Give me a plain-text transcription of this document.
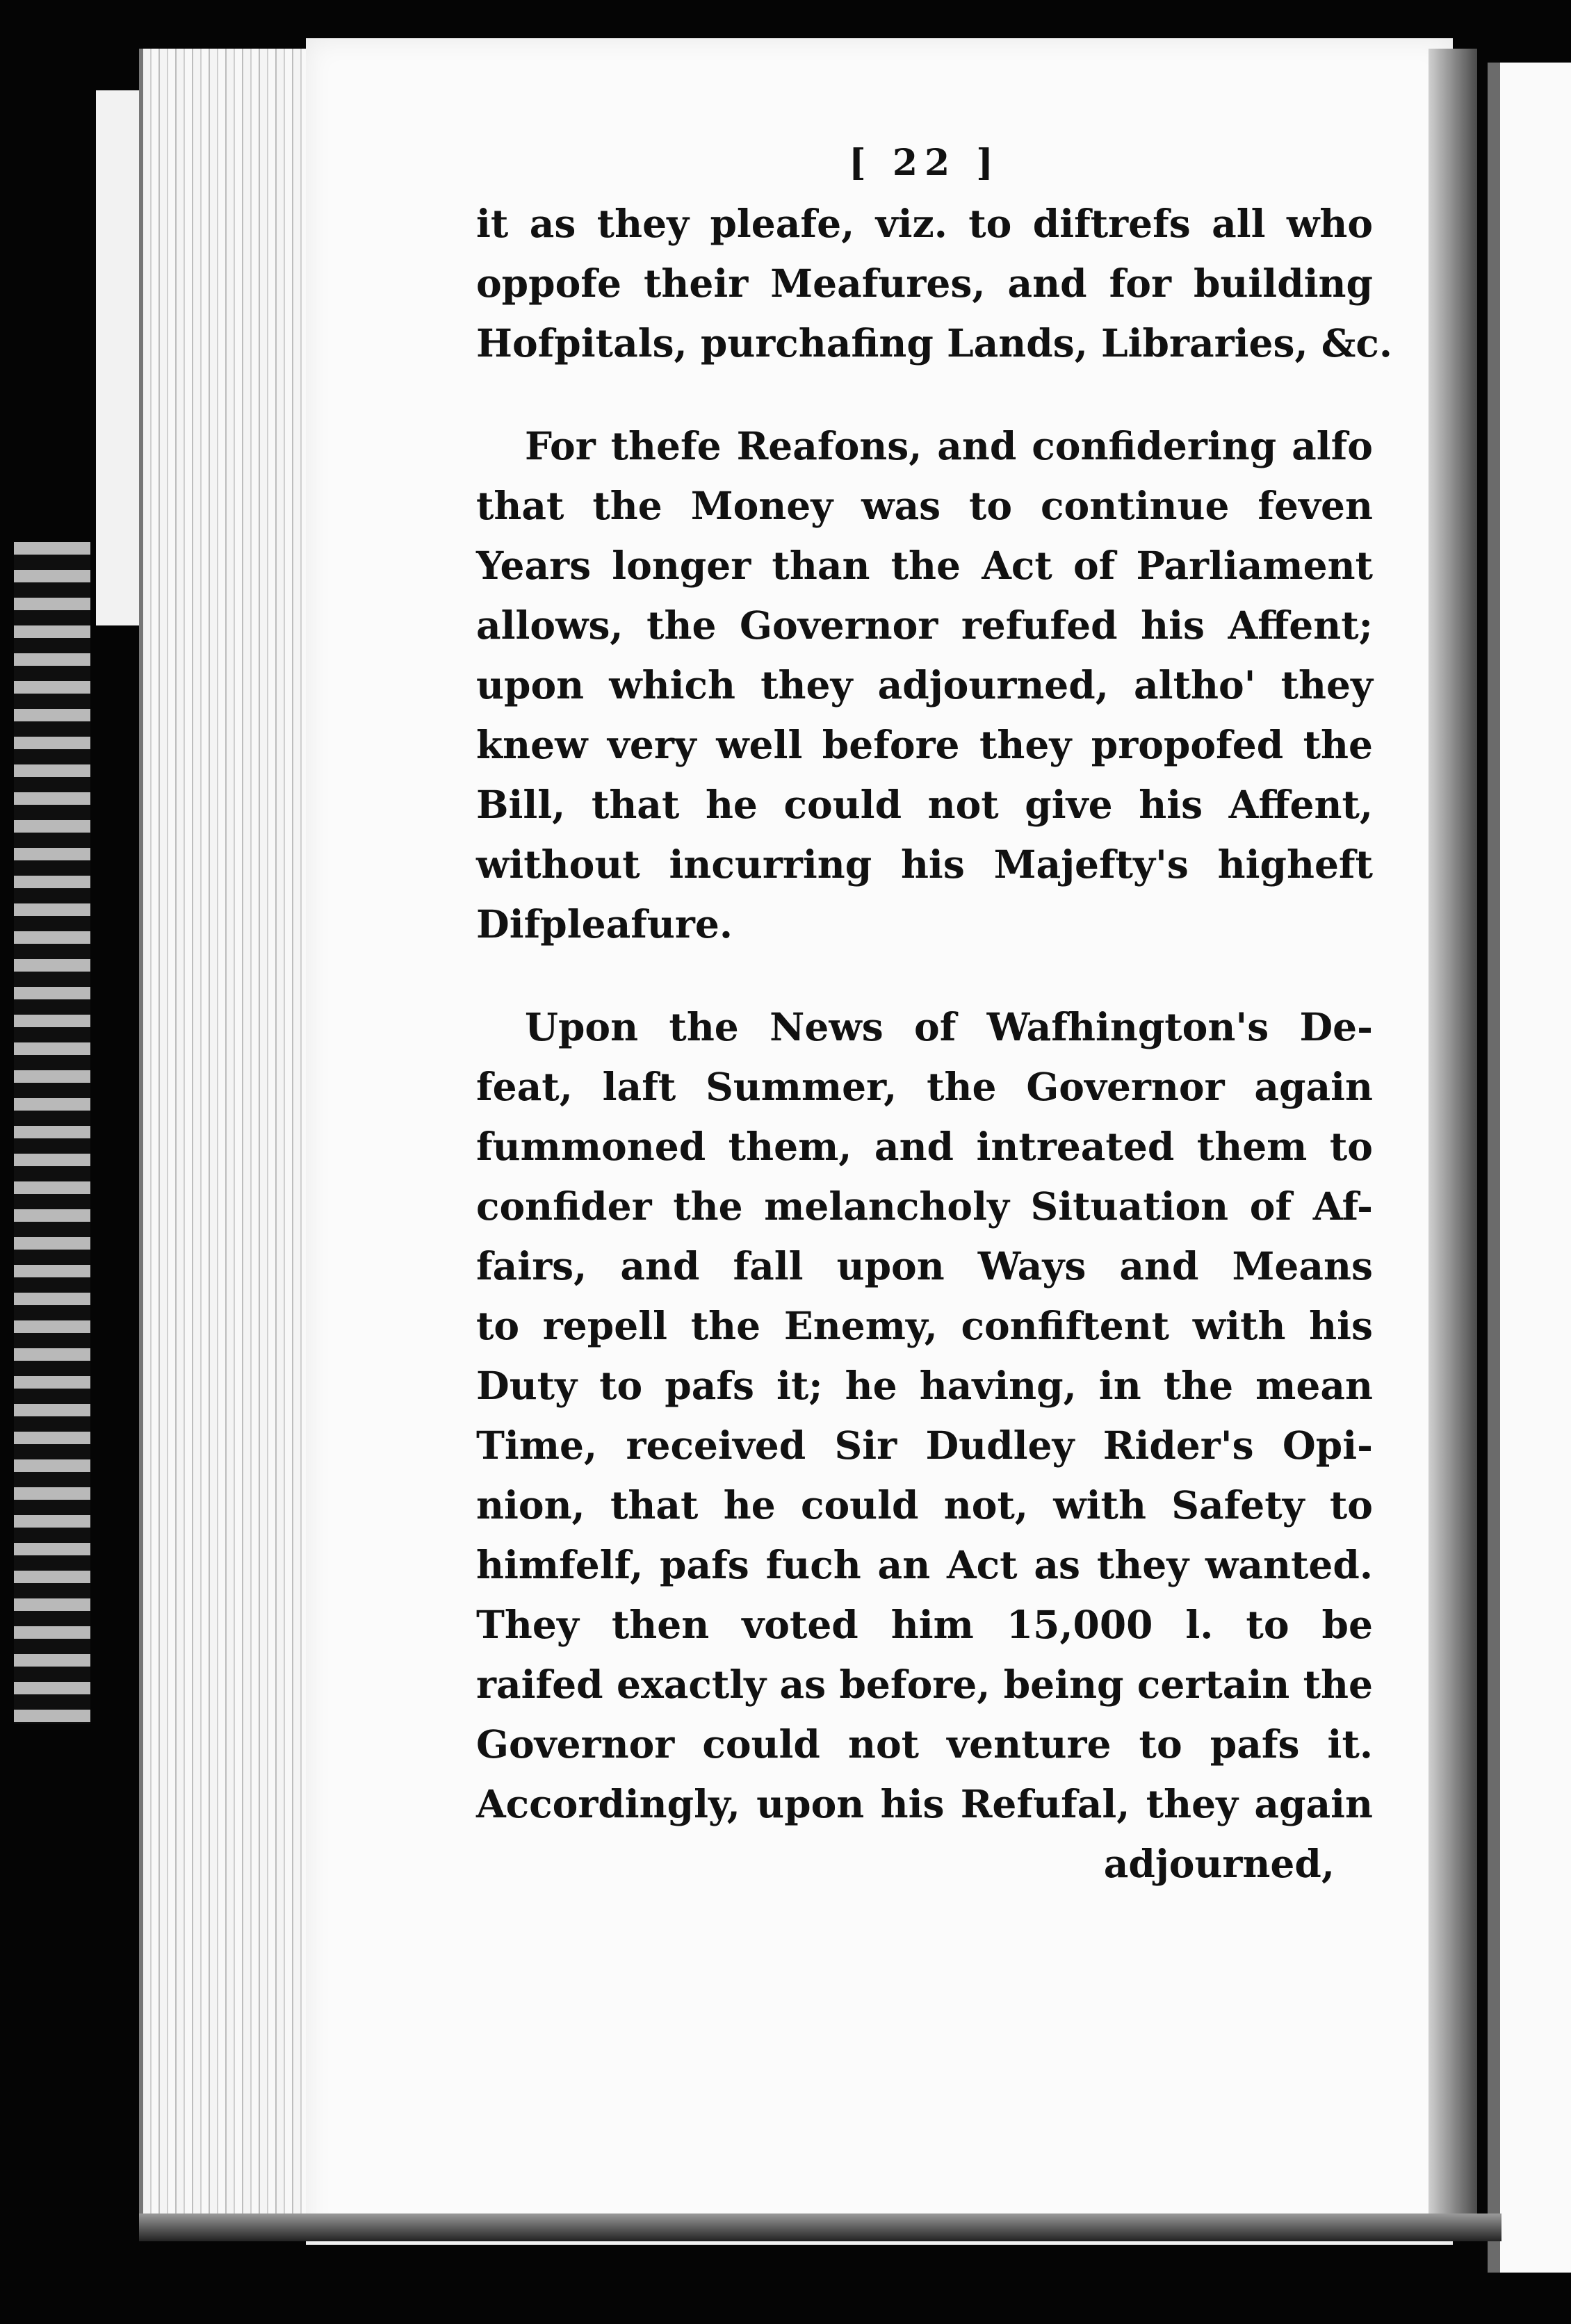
[ 22 ]
it as they pleafe, viz. to diftrefs all who
oppofe their Meafures, and for building
Hofpitals, purchafing Lands, Libraries, &c.
For thefe Reafons, and confidering alfo
that the Money was to continue feven
Years longer than the Act of Parliament
allows, the Governor refufed his Affent;
upon which they adjourned, altho' they
knew very well before they propofed the
Bill, that he could not give his Affent,
without incurring his Majefty's higheft
Difpleafure.
Upon the News of Wafhington's De-
feat, laft Summer, the Governor again
fummoned them, and intreated them to
confider the melancholy Situation of Af-
fairs, and fall upon Ways and Means
to repell the Enemy, confiftent with his
Duty to pafs it; he having, in the mean
Time, received Sir Dudley Rider's Opi-
nion, that he could not, with Safety to
himfelf, pafs fuch an Act as they wanted.
They then voted him 15,000 l. to be
raifed exactly as before, being certain the
Governor could not venture to pafs it.
Accordingly, upon his Refufal, they again
adjourned,
